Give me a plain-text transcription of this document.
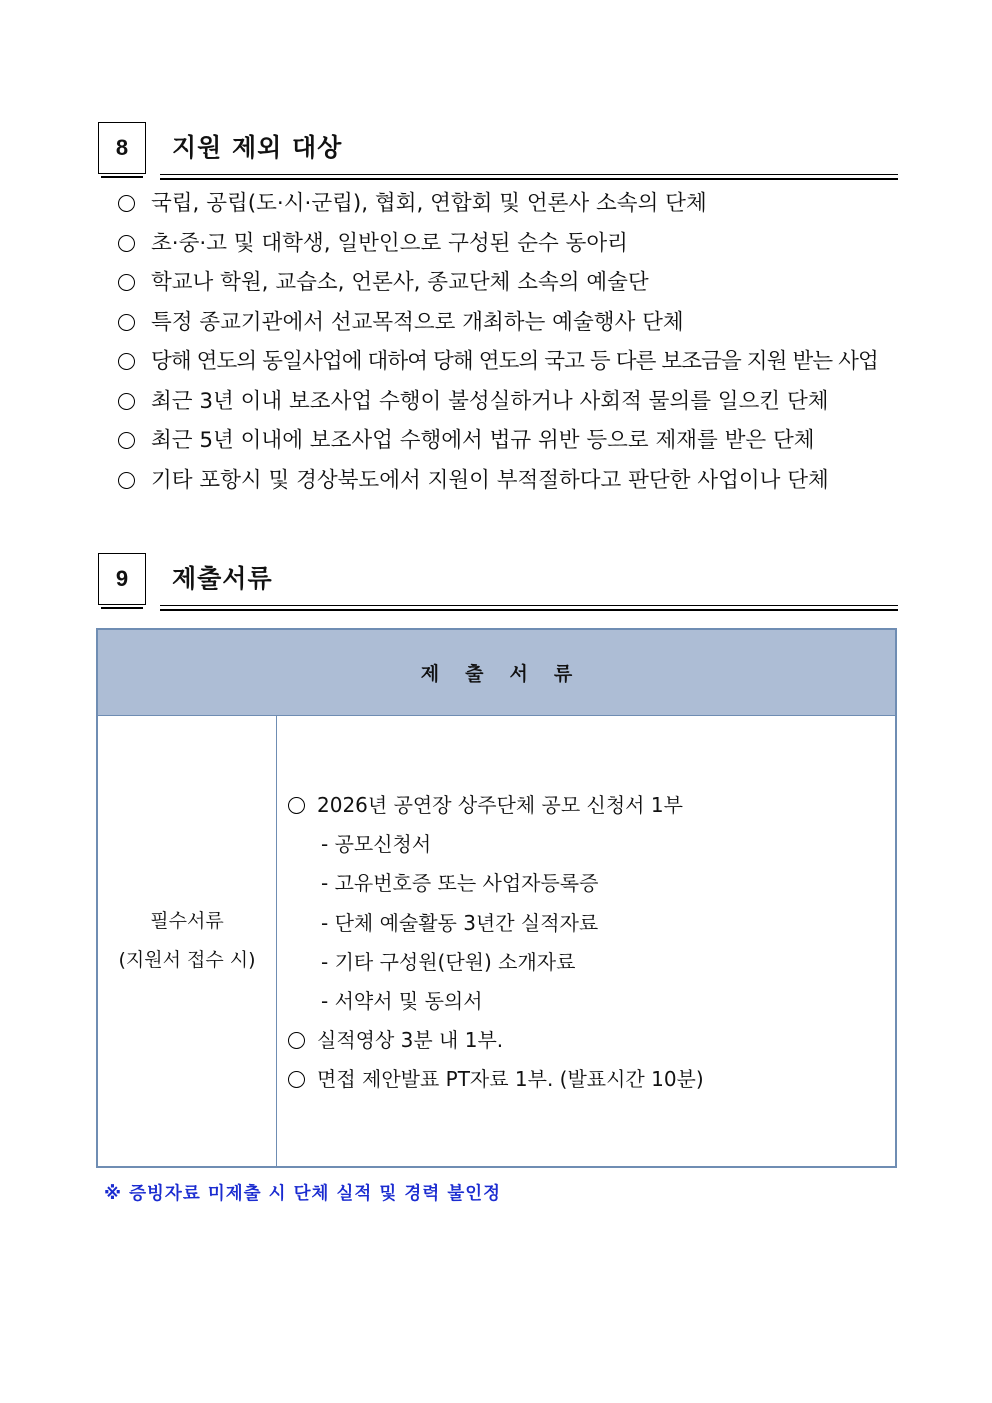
8	지원 제외 대상
국립, 공립(도·시·군립), 협회, 연합회 및 언론사 소속의 단체
초·중·고 및 대학생, 일반인으로 구성된 순수 동아리
학교나 학원, 교습소, 언론사, 종교단체 소속의 예술단
특정 종교기관에서 선교목적으로 개최하는 예술행사 단체
당해 연도의 동일사업에 대하여 당해 연도의 국고 등 다른 보조금을 지원 받는 사업
최근 3년 이내 보조사업 수행이 불성실하거나 사회적 물의를 일으킨 단체
최근 5년 이내에 보조사업 수행에서 법규 위반 등으로 제재를 받은 단체
기타 포항시 및 경상북도에서 지원이 부적절하다고 판단한 사업이나 단체
9	제출서류
제출서류
필수서류
(지원서 접수 시)
2026년 공연장 상주단체 공모 신청서 1부
- 공모신청서
- 고유번호증 또는 사업자등록증
- 단체 예술활동 3년간 실적자료
- 기타 구성원(단원) 소개자료
- 서약서 및 동의서
실적영상 3분 내 1부.
면접 제안발표 PT자료 1부. (발표시간 10분)
※ 증빙자료 미제출 시 단체 실적 및 경력 불인정
